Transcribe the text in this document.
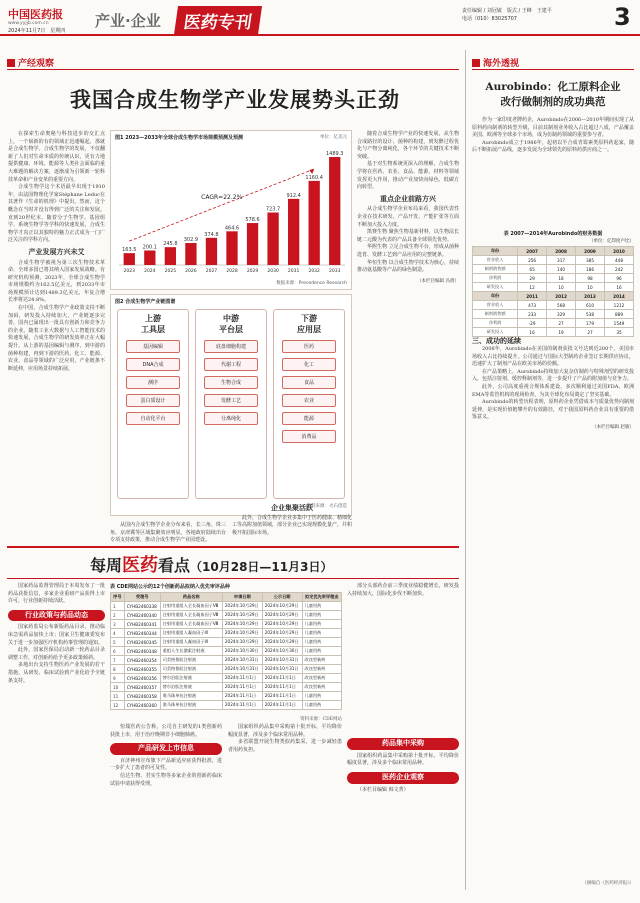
中国医药报
www.yyjjb.com.cn
2024年11月7日　 星期四
产业·企业	医药专刊
责任编辑 / 刘冠敏　 版式 / 王峰　 王建平
电话（010）83025707	3
产经观察
我国合成生物学产业发展势头正劲

在探索生命奥秘与科技进步的交汇点上，一个崭新的有的领域正迅速崛起，那就是合成生物学。合成生物学的发展，不仅翻新了人们对生命本质的传统认识，更有力地提供健康、环境、能源等人类社会面临的重大难题的解决方案，逐渐成为引领新一轮科技革命和产业变革的重要方向。

合成生物学这个术语最早出现于1910年，由法国物理化学家Stéphane Leduc在其著作《生命的机理》中提出。然而，这个概念在当时并没有得到广泛的关注和发展。直到20世纪末，随着分子生物学、基因组学、系统生物学等学科的快速发展，合成生物学才真正以其独特的魅力正式成为一门广泛关注的学科方向。

产业发展方兴未艾

合成生物学被视为第三次生物技术革命，全球多国已将其纳入国家发展战略。有研究机构预测，2023年，全球合成生物学市场规模约为162.5亿美元，到2033年市场规模预计达到1489.3亿美元，年复合增长率将达24.8%。

在中国，合成生物学产业政策支持不断加码，研发投入持续加大，产业链逐步完善，国内已涌现出一批具有创新力和竞争力的企业。随着工业大数据与人工智能技术的快速发展，合成生物学的研发效率正在大幅提升。从上游的基因编辑与测序，到中游的菌种构建，再到下游的医药、化工、能源、农业、食品等领域的广泛应用，产业链条不断延伸，应用场景持续拓展。

图1 2023—2033年全球合成生物学市场规模预测及预测	单位：亿美元
163.5
2023
200.1
2024
245.8
2025
302.9
2026
374.8
2027
464.6
2028
578.6
2029
723.7
2030
912.4
2031
1160.4
2032
1489.3
2033
CAGR=22.2%
数据来源：Precedence Research
图2 合成生物学产业链图谱
上游
工具层
基因编辑
DNA合成
测序
蛋白质设计
自动化平台
中游
平台层
底盘细胞构建
代谢工程
生物合成
发酵工艺
分离纯化
下游
应用层
医药
化工
食品
农业
能源
消费品
资料来源：火石创造

从国内合成生物学企业分布来看，长三角、珠三角、京津冀等区域集聚效应明显，各地政府陆续出台专项支持政策，推动合成生物学产业园建设。

企业集聚活跃

此外，合成生物学企业多集中于医药健康、精细化工等高附加值领域，部分企业已实现规模化量产，并积极开拓国际市场。

随着合成生物学产业的快速发展，从生物合成路径的设计、菌种的构建，到发酵过程优化与产物分离纯化，各个环节的关键技术不断突破。

基于对生物系统更深入的理解，合成生物学将在医药、农业、食品、能源、材料等领域发挥更大作用，推动产业加快向绿色、低碳方向转型。

重点企业前路方兴

从合成生物学企业布局来看，我国代表性企业在技术研发、产品开发、产能扩张等方面不断加大投入力度。

凯赛生物 聚焦生物基新材料，以生物法长链二元酸为代表的产品具备全球领先优势。

华熙生物 立足合成生物平台，形成从菌种选育、发酵工艺到产品应用的完整链条。

华恒生物 以合成生物学技术为核心，持续推动氨基酸等产品的绿色制造。

（本栏目编辑 冯倩）
海外透视
Aurobindo：化工原料企业
改行做制剂的成功典范

作为一家印度老牌药企，Aurobindo在2006—2010年期间实现了从原料药向制剂的转型升级，目前其制剂业务收入占比超过八成，产品覆盖美国、欧洲等全球多个市场，成为仿制药领域的重要参与者。

Aurobindo成立于1986年，起初以半合成青霉素类原料药起家，随后不断拓展产品线，逐步发展为全球领先的原料药供应商之一。

表 2007—2014年Aurobindo的财务数据
（单位：亿印度卢比）
年份	2007	2008	2009	2010
营业收入	256	317	385	448
制剂销售额	65	140	186	242
净利润	29	18	98	96
研发投入	12	10	10	16
年份	2011	2012	2013	2014
营业收入	473	568	610	1212
制剂销售额	233	329	538	889
净利润	-29	27	179	1549
研发投入	16	19	27	35
三、成功的延续

2008年，Aurobindo在美国的制剂获批文号达到近200个，美国市场收入占比持续提升。公司通过与国际大型制药企业签订长期供应协议，迅速扩大了制剂产品在欧美市场的份额。

在产品策略上，Aurobindo持续加大复杂仿制药与特殊剂型的研发投入，包括注射剂、缓控释制剂等，进一步提升了产品的附加值与竞争力。

此外，公司高度重视合规体系建设，多次顺利通过美国FDA、欧洲EMA等监管机构的现场检查，为其全球化布局奠定了坚实基础。

Aurobindo的转型历程表明，原料药企业凭借成本与质量优势向制剂延伸，是实现价值链攀升的有效路径，对于我国原料药企业具有重要的借鉴意义。

（本栏目编辑 赵敏）
（摘编自《医药经济报》）
每周医药看点（10月28日—11月3日）

国家药品监督管理局于本周发布了一批药品获批信息，多家企业重磅产品获得上市许可，行业创新持续活跃。

行业政策与药品动态

国家药监局公布新版药品目录，推动临床急需药品加快上市；国家卫生健康委发布关于进一步加强医疗机构药事管理的通知。

此外，国家医保局启动新一轮药品目录调整工作，对创新药给予更多政策倾斜。

多地出台支持生物医药产业发展的若干措施，从研发、临床试验到产业化给予全链条支持。

表 CDE网站公示的12个创新药品拟纳入优先审评品种
序号	受理号	药品名称	申请日期	公示日期	拟定优先审评理由
1	CYHB2460338	注射用重组人全长凝血因子Ⅷ	2024年10月29日	2024年10月29日	儿童用药
2	CYHB2460340	注射用重组人全长凝血因子Ⅷ	2024年10月29日	2024年10月29日	儿童用药
3	CYHB2460341	注射用重组人全长凝血因子Ⅷ	2024年10月29日	2024年10月29日	儿童用药
4	CYHB2460344	注射用重组人凝血因子Ⅸ	2024年10月29日	2024年10月29日	儿童用药
5	CYHB2460345	注射用重组人凝血因子Ⅸ	2024年10月29日	2024年10月29日	儿童用药
6	CYHB2460348	重组人生长激素注射液	2024年10月30日	2024年10月30日	儿童用药
7	CYHB2460354	司美格鲁肽注射液	2024年10月31日	2024年10月31日	改良型新药
8	CYHB2460355	司美格鲁肽注射液	2024年10月31日	2024年10月31日	改良型新药
9	CYHB2460356	替尔泊肽注射液	2024年11月1日	2024年11月1日	改良型新药
10	CYHB2460357	替尔泊肽注射液	2024年11月1日	2024年11月1日	改良型新药
11	CYHB2460358	奥马珠单抗注射液	2024年11月1日	2024年11月1日	儿童用药
12	CYHB2460360	奥马珠单抗注射液	2024年11月1日	2024年11月1日	儿童用药
资料来源：CDE网站

恒瑞医药公告称，公司自主研发的1类创新药获批上市，用于治疗晚期非小细胞肺癌。

产品研发上市信息

百济神州宣布旗下产品新适应症获得批准，进一步扩大了患者的可及性。

信达生物、君实生物等多家企业的创新药临床试验申请获得受理。

国家组织药品集中采购第十批开标，平均降价幅度显著，涉及多个临床常用品种。

多省联盟开展生物类似药集采，进一步减轻患者用药负担。

部分头部药企前三季度业绩稳健增长，研发投入持续加大，国际化步伐不断加快。

药品集中采购

国家组织药品集中采购第十批开标，平均降价幅度显著，涉及多个临床常用品种。

医药企业观察

（本栏目编辑 韩文菁）
